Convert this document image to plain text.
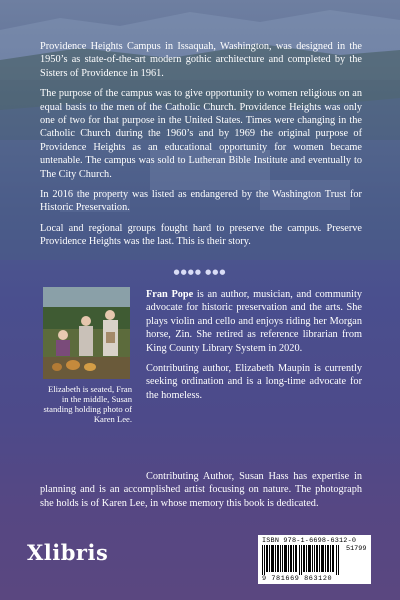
Providence Heights Campus in Issaquah, Washington, was designed in the 1950’s as state-of-the-art modern gothic architecture and completed by the Sisters of Providence in 1961.

The purpose of the campus was to give opportunity to women religious on an equal basis to the men of the Catholic Church. Providence Heights was only one of two for that purpose in the United States. Times were changing in the Catholic Church during the 1960’s and by 1969 the original purpose of Providence Heights as an educational opportunity for women became untenable. The campus was sold to Lutheran Bible Institute and eventually to The City Church.

In 2016 the property was listed as endangered by the Washington Trust for Historic Preservation.

Local and regional groups fought hard to preserve the campus. Preserve Providence Heights was the last. This is their story.

●●●● ●●●
Elizabeth is seated, Fran in the middle, Susan standing holding photo of Karen Lee.

Fran Pope is an author, musician, and community advocate for historic preservation and the arts. She plays violin and cello and enjoys riding her Morgan horse, Zin. She retired as reference librarian from King County Library System in 2020.

Contributing author, Elizabeth Maupin is currently seeking ordination and is a long-time advocate for the homeless.

Contributing Author, Susan Hass has expertise in planning and is an accomplished artist focusing on nature. The photograph she holds is of Karen Lee, in whose memory this book is dedicated.
Xlibris	ISBN 978-1-6698-6312-0
51799
9 781669 863120
